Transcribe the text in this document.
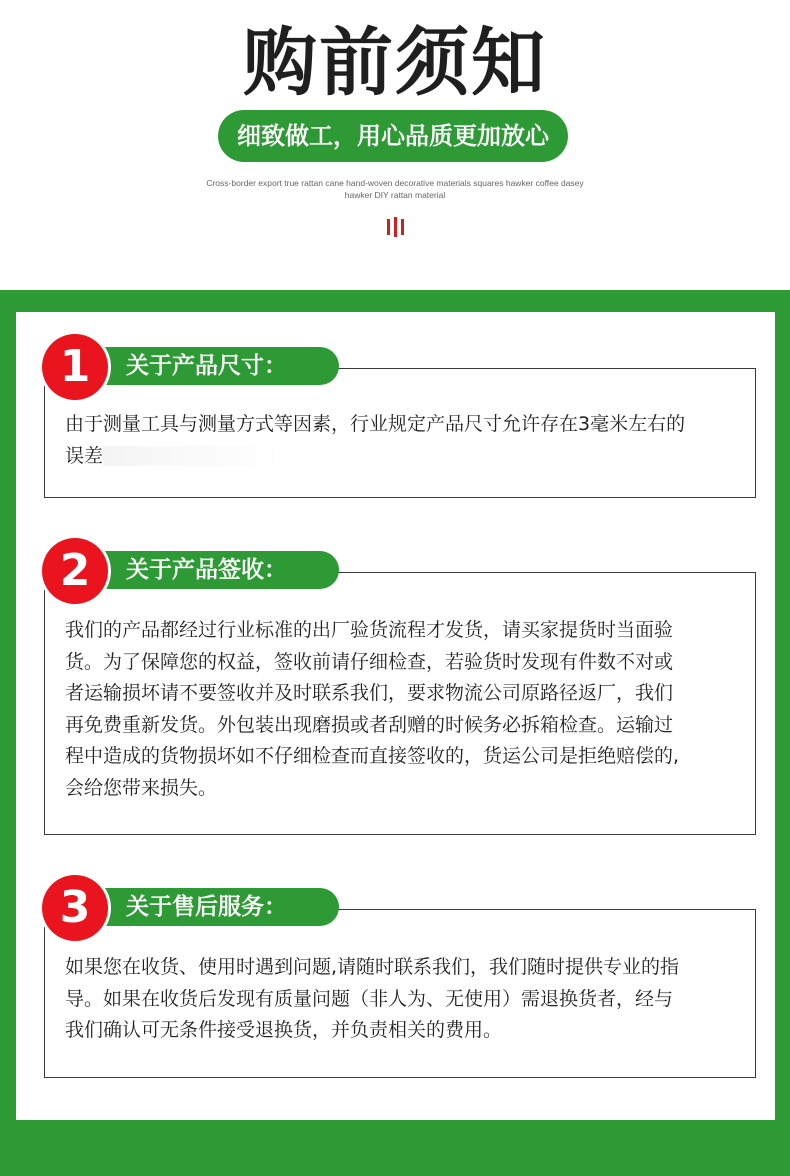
购前须知
细致做工，用心品质更加放心
Cross-border export true rattan cane hand-woven decorative materials squares hawker coffee dasey
hawker DIY rattan material
由于测量工具与测量方式等因素，行业规定产品尺寸允许存在3毫米左右的
误差
关于产品尺寸：
1
我们的产品都经过行业标准的出厂验货流程才发货，请买家提货时当面验
货。为了保障您的权益，签收前请仔细检查，若验货时发现有件数不对或
者运输损坏请不要签收并及时联系我们，要求物流公司原路径返厂，我们
再免费重新发货。外包装出现磨损或者刮赠的时候务必拆箱检查。运输过
程中造成的货物损坏如不仔细检查而直接签收的，货运公司是拒绝赔偿的,
会给您带来损失。
关于产品签收：
2
如果您在收货、使用时遇到问题,请随时联系我们，我们随时提供专业的指
导。如果在收货后发现有质量问题（非人为、无使用）需退换货者，经与
我们确认可无条件接受退换货，并负责相关的费用。
关于售后服务：
3
